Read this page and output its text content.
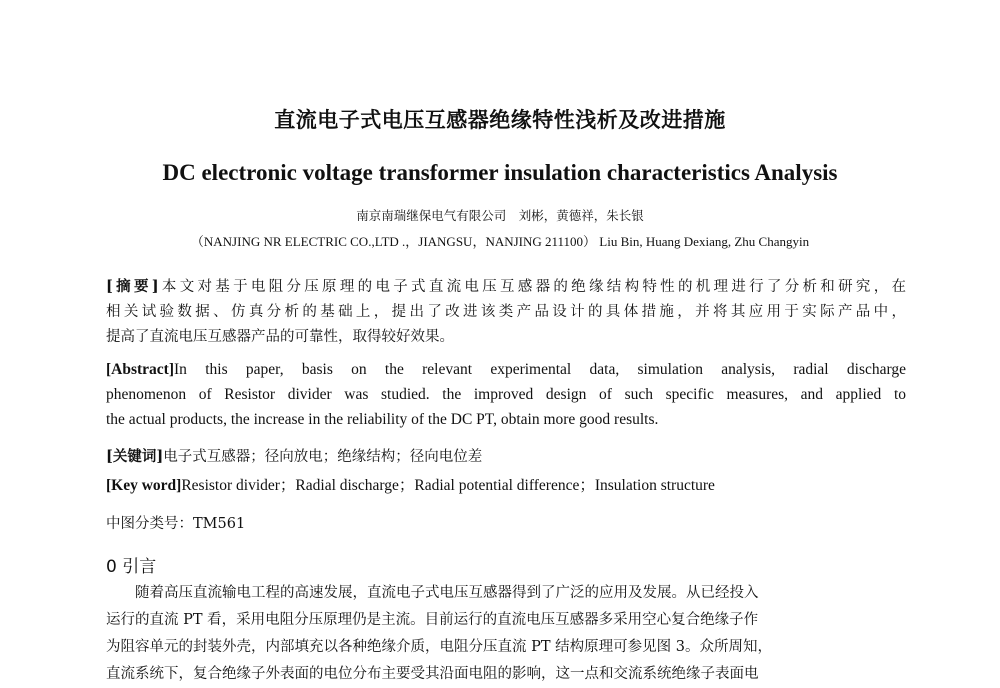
直流电子式电压互感器绝缘特性浅析及改进措施
DC electronic voltage transformer insulation characteristics Analysis
南京南瑞继保电气有限公司　刘彬，黄德祥，朱长银
（NANJING NR ELECTRIC CO.,LTD .，JIANGSU，NANJING 211100） Liu Bin, Huang Dexiang, Zhu Changyin
[摘要]本文对基于电阻分压原理的电子式直流电压互感器的绝缘结构特性的机理进行了分析和研究，在
相关试验数据、仿真分析的基础上，提出了改进该类产品设计的具体措施，并将其应用于实际产品中，
提高了直流电压互感器产品的可靠性，取得较好效果。
[Abstract]In this paper, basis on the relevant experimental data, simulation analysis, radial discharge
phenomenon of Resistor divider was studied. the improved design of such specific measures, and applied to
the actual products, the increase in the reliability of the DC PT, obtain more good results.
[关键词]电子式互感器；径向放电；绝缘结构；径向电位差
[Key word]Resistor divider；Radial discharge；Radial potential difference；Insulation structure
中图分类号：TM561
0 引言
随着高压直流输电工程的高速发展，直流电子式电压互感器得到了广泛的应用及发展。从已经投入
运行的直流 PT 看，采用电阻分压原理仍是主流。目前运行的直流电压互感器多采用空心复合绝缘子作
为阻容单元的封装外壳，内部填充以各种绝缘介质，电阻分压直流 PT 结构原理可参见图 3。众所周知，
直流系统下，复合绝缘子外表面的电位分布主要受其沿面电阻的影响，这一点和交流系统绝缘子表面电
